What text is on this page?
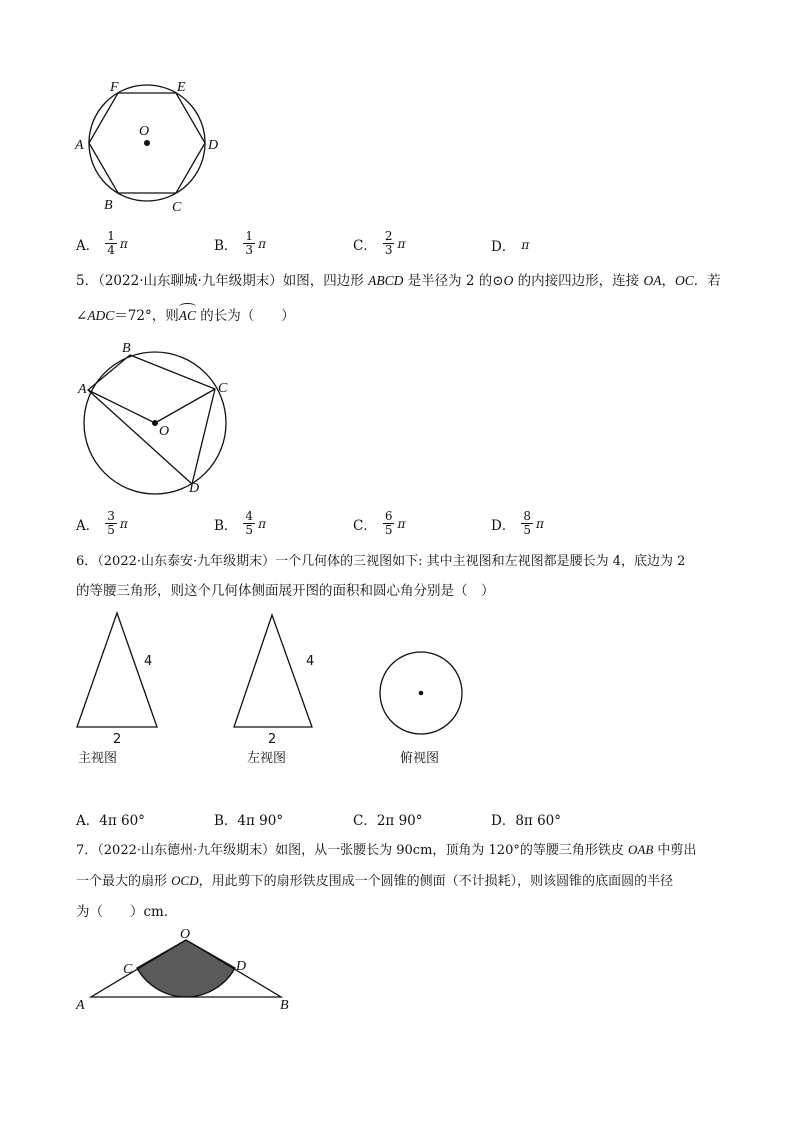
F	E
A	D
B	C
O
A． $\frac{1}{4}$ π	B． $\frac{1}{3}$ π	C． $\frac{2}{3}$ π	D． π
5．（2022·山东聊城·九年级期末）如图，四边形 ABCD 是半径为 2 的⊙O 的内接四边形，连接 OA，OC．若
∠ADC＝72°，则
AC 的长为（　　）
B
A	C
O
D
A． $\frac{3}{5}$ π	B． $\frac{4}{5}$ π	C． $\frac{6}{5}$ π	D． $\frac{8}{5}$ π
6．（2022·山东泰安·九年级期末）一个几何体的三视图如下: 其中主视图和左视图都是腰长为 4，底边为 2
的等腰三角形，则这个几何体侧面展开图的面积和圆心角分别是（　）
4
2
主视图
4
2
左视图	俯视图
A．4π 60°	B．4π 90°	C．2π 90°	D．8π 60°
7．（2022·山东德州·九年级期末）如图，从一张腰长为 90cm，顶角为 120°的等腰三角形铁皮 OAB 中剪出
一个最大的扇形 OCD，用此剪下的扇形铁皮围成一个圆锥的侧面（不计损耗），则该圆锥的底面圆的半径
为（　　）cm．
O
C	D
A	B
